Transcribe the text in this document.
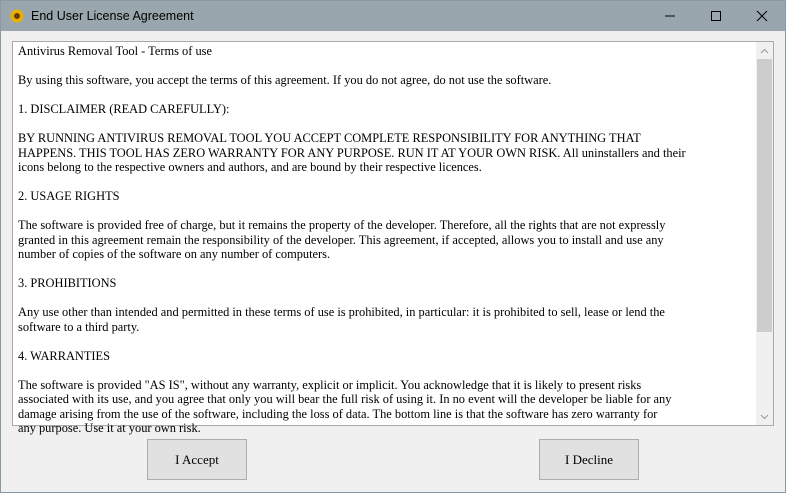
End User License Agreement

Antivirus Removal Tool - Terms of use

By using this software, you accept the terms of this agreement. If you do not agree, do not use the software.

1. DISCLAIMER (READ CAREFULLY):

BY RUNNING ANTIVIRUS REMOVAL TOOL YOU ACCEPT COMPLETE RESPONSIBILITY FOR ANYTHING THAT
HAPPENS. THIS TOOL HAS ZERO WARRANTY FOR ANY PURPOSE. RUN IT AT YOUR OWN RISK. All uninstallers and their
icons belong to the respective owners and authors, and are bound by their respective licences.

2. USAGE RIGHTS

The software is provided free of charge, but it remains the property of the developer. Therefore, all the rights that are not expressly
granted in this agreement remain the responsibility of the developer. This agreement, if accepted, allows you to install and use any
number of copies of the software on any number of computers.

3. PROHIBITIONS

Any use other than intended and permitted in these terms of use is prohibited, in particular: it is prohibited to sell, lease or lend the
software to a third party.

4. WARRANTIES

The software is provided "AS IS", without any warranty, explicit or implicit. You acknowledge that it is likely to present risks
associated with its use, and you agree that only you will bear the full risk of using it. In no event will the developer be liable for any
damage arising from the use of the software, including the loss of data. The bottom line is that the software has zero warranty for
any purpose. Use it at your own risk.

I Accept	I Decline
